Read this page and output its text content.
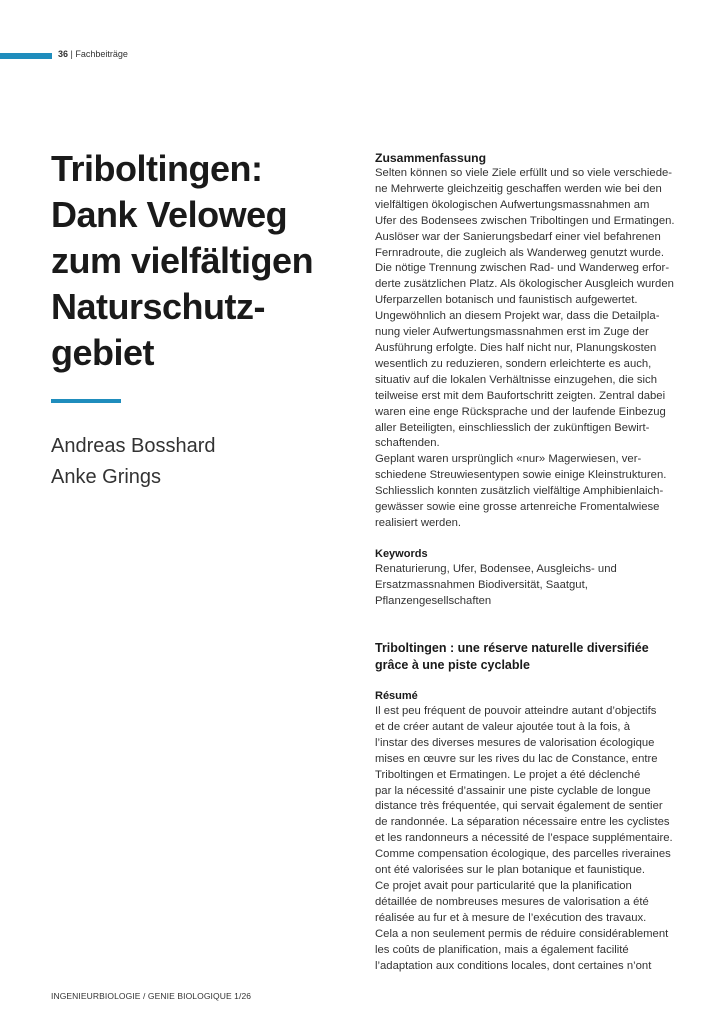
36 | Fachbeiträge
Triboltingen:
Dank Veloweg
zum vielfältigen
Naturschutz-
gebiet
Andreas Bosshard
Anke Grings
Zusammenfassung
Selten können so viele Ziele erfüllt und so viele verschiede-
ne Mehrwerte gleichzeitig geschaffen werden wie bei den
vielfältigen ökologischen Aufwertungsmassnahmen am
Ufer des Bodensees zwischen Triboltingen und Ermatingen.
Auslöser war der Sanierungsbedarf einer viel befahrenen
Fernradroute, die zugleich als Wanderweg genutzt wurde.
Die nötige Trennung zwischen Rad- und Wanderweg erfor-
derte zusätzlichen Platz. Als ökologischer Ausgleich wurden
Uferparzellen botanisch und faunistisch aufgewertet.
Ungewöhnlich an diesem Projekt war, dass die Detailpla-
nung vieler Aufwertungsmassnahmen erst im Zuge der
Ausführung erfolgte. Dies half nicht nur, Planungskosten
wesentlich zu reduzieren, sondern erleichterte es auch,
situativ auf die lokalen Verhältnisse einzugehen, die sich
teilweise erst mit dem Baufortschritt zeigten. Zentral dabei
waren eine enge Rücksprache und der laufende Einbezug
aller Beteiligten, einschliesslich der zukünftigen Bewirt-
schaftenden.
Geplant waren ursprünglich «nur» Magerwiesen, ver-
schiedene Streuwiesentypen sowie einige Kleinstrukturen.
Schliesslich konnten zusätzlich vielfältige Amphibienlaich-
gewässer sowie eine grosse artenreiche Fromentalwiese
realisiert werden.
Keywords
Renaturierung, Ufer, Bodensee, Ausgleichs- und
Ersatzmassnahmen Biodiversität, Saatgut,
Pflanzengesellschaften
Triboltingen : une réserve naturelle diversifiée
grâce à une piste cyclable
Résumé
Il est peu fréquent de pouvoir atteindre autant d’objectifs
et de créer autant de valeur ajoutée tout à la fois, à
l’instar des diverses mesures de valorisation écologique
mises en œuvre sur les rives du lac de Constance, entre
Triboltingen et Ermatingen. Le projet a été déclenché
par la nécessité d’assainir une piste cyclable de longue
distance très fréquentée, qui servait également de sentier
de randonnée. La séparation nécessaire entre les cyclistes
et les randonneurs a nécessité de l’espace supplémentaire.
Comme compensation écologique, des parcelles riveraines
ont été valorisées sur le plan botanique et faunistique.
Ce projet avait pour particularité que la planification
détaillée de nombreuses mesures de valorisation a été
réalisée au fur et à mesure de l’exécution des travaux.
Cela a non seulement permis de réduire considérablement
les coûts de planification, mais a également facilité
l’adaptation aux conditions locales, dont certaines n’ont
INGENIEURBIOLOGIE / GENIE BIOLOGIQUE 1/26
